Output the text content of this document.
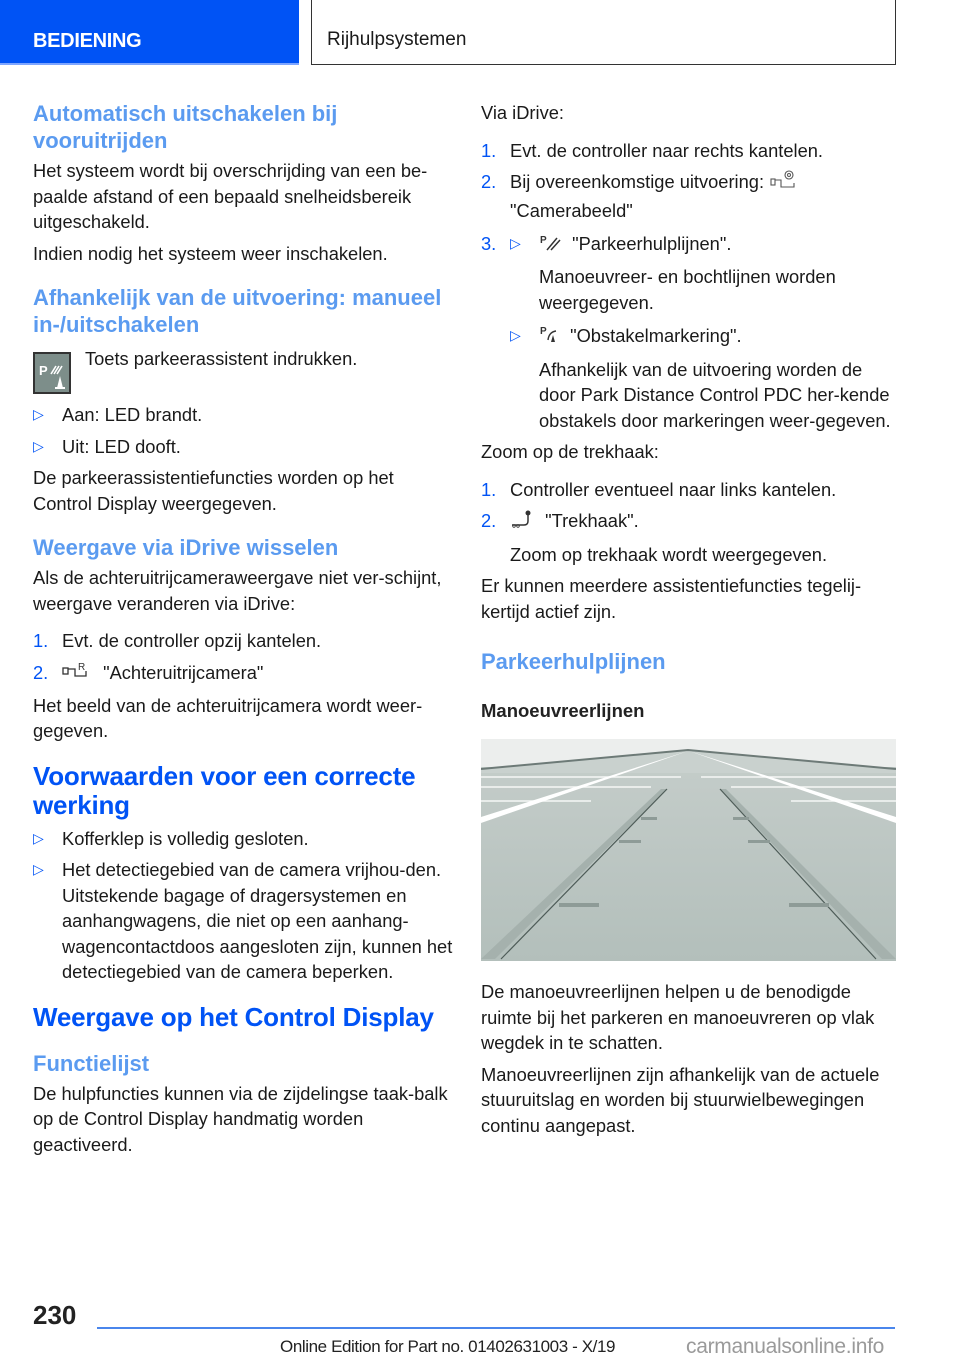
BEDIENING	Rijhulpsystemen
Automatisch uitschakelen bij vooruitrijden

Het systeem wordt bij overschrijding van een be-paalde afstand of een bepaald snelheidsbereik uitgeschakeld.

Indien nodig het systeem weer inschakelen.

Afhankelijk van de uitvoering: manueel in-/uitschakelen
P
Toets parkeerassistent indrukken.
▷ Aan: LED brandt.
▷ Uit: LED dooft.

De parkeerassistentiefuncties worden op het Control Display weergegeven.

Weergave via iDrive wisselen

Als de achteruitrijcameraweergave niet ver-schijnt, weergave veranderen via iDrive:

1. Evt. de controller opzij kantelen.
2.	R "Achteruitrijcamera"

Het beeld van de achteruitrijcamera wordt weer-gegeven.

Voorwaarden voor een correcte werking
▷ Kofferklep is volledig gesloten.
▷ Het detectiegebied van de camera vrijhou-den. Uitstekende bagage of dragersystemen en aanhangwagens, die niet op een aanhang-wagencontactdoos aangesloten zijn, kunnen het detectiegebied van de camera beperken.
Weergave op het Control Display
Functielijst

De hulpfuncties kunnen via de zijdelingse taak-balk op de Control Display handmatig worden geactiveerd.

Via iDrive:

1. Evt. de controller naar rechts kantelen.
2. Bij overeenkomstige uitvoering:
"Camerabeeld"
3. ▷ P "Parkeerhulplijnen".

Manoeuvreer- en bochtlijnen worden weergegeven.

▷ P "Obstakelmarkering".

Afhankelijk van de uitvoering worden de door Park Distance Control PDC her-kende obstakels door markeringen weer-gegeven.

Zoom op de trekhaak:

1. Controller eventueel naar links kantelen.
2.	"Trekhaak".

Zoom op trekhaak wordt weergegeven.

Er kunnen meerdere assistentiefuncties tegelij-kertijd actief zijn.

Parkeerhulplijnen
Manoeuvreerlijnen

De manoeuvreerlijnen helpen u de benodigde ruimte bij het parkeren en manoeuvreren op vlak wegdek in te schatten.

Manoeuvreerlijnen zijn afhankelijk van de actuele stuuruitslag en worden bij stuurwielbewegingen continu aangepast.

230
Online Edition for Part no. 01402631003 - X/19	carmanualsonline.info
